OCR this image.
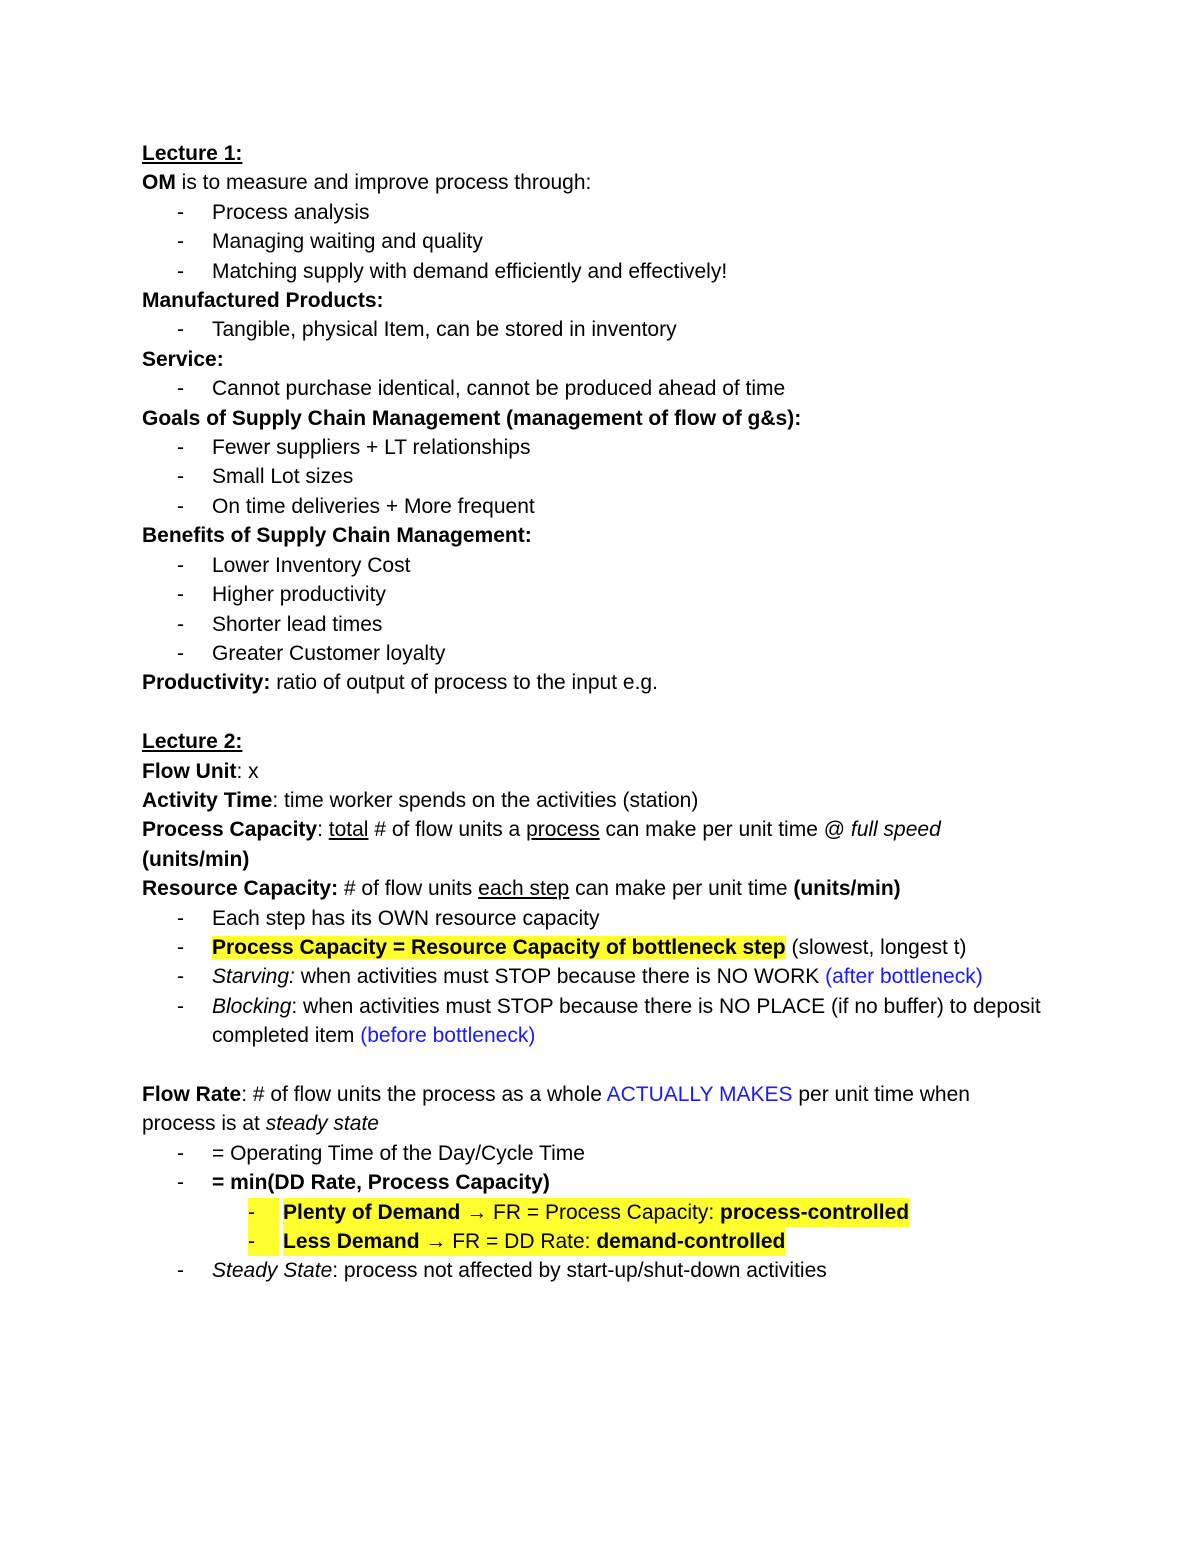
Lecture 1:
OM is to measure and improve process through:
- Process analysis
- Managing waiting and quality
- Matching supply with demand efficiently and effectively!
Manufactured Products:
- Tangible, physical Item, can be stored in inventory
Service:
- Cannot purchase identical, cannot be produced ahead of time
Goals of Supply Chain Management (management of flow of g&s):
- Fewer suppliers + LT relationships
- Small Lot sizes
- On time deliveries + More frequent
Benefits of Supply Chain Management:
- Lower Inventory Cost
- Higher productivity
- Shorter lead times
- Greater Customer loyalty
Productivity: ratio of output of process to the input e.g.
Lecture 2:
Flow Unit: x
Activity Time: time worker spends on the activities (station)
Process Capacity: total # of flow units a process can make per unit time @ full speed
(units/min)
Resource Capacity: # of flow units each step can make per unit time (units/min)
- Each step has its OWN resource capacity
- Process Capacity = Resource Capacity of bottleneck step (slowest, longest t)
- Starving: when activities must STOP because there is NO WORK (after bottleneck)
- Blocking: when activities must STOP because there is NO PLACE (if no buffer) to deposit completed item (before bottleneck)
Flow Rate: # of flow units the process as a whole ACTUALLY MAKES per unit time when process is at steady state
- = Operating Time of the Day/Cycle Time
- = min(DD Rate, Process Capacity)
-	Plenty of Demand → FR = Process Capacity: process-controlled
-	Less Demand → FR = DD Rate: demand-controlled
- Steady State: process not affected by start-up/shut-down activities
